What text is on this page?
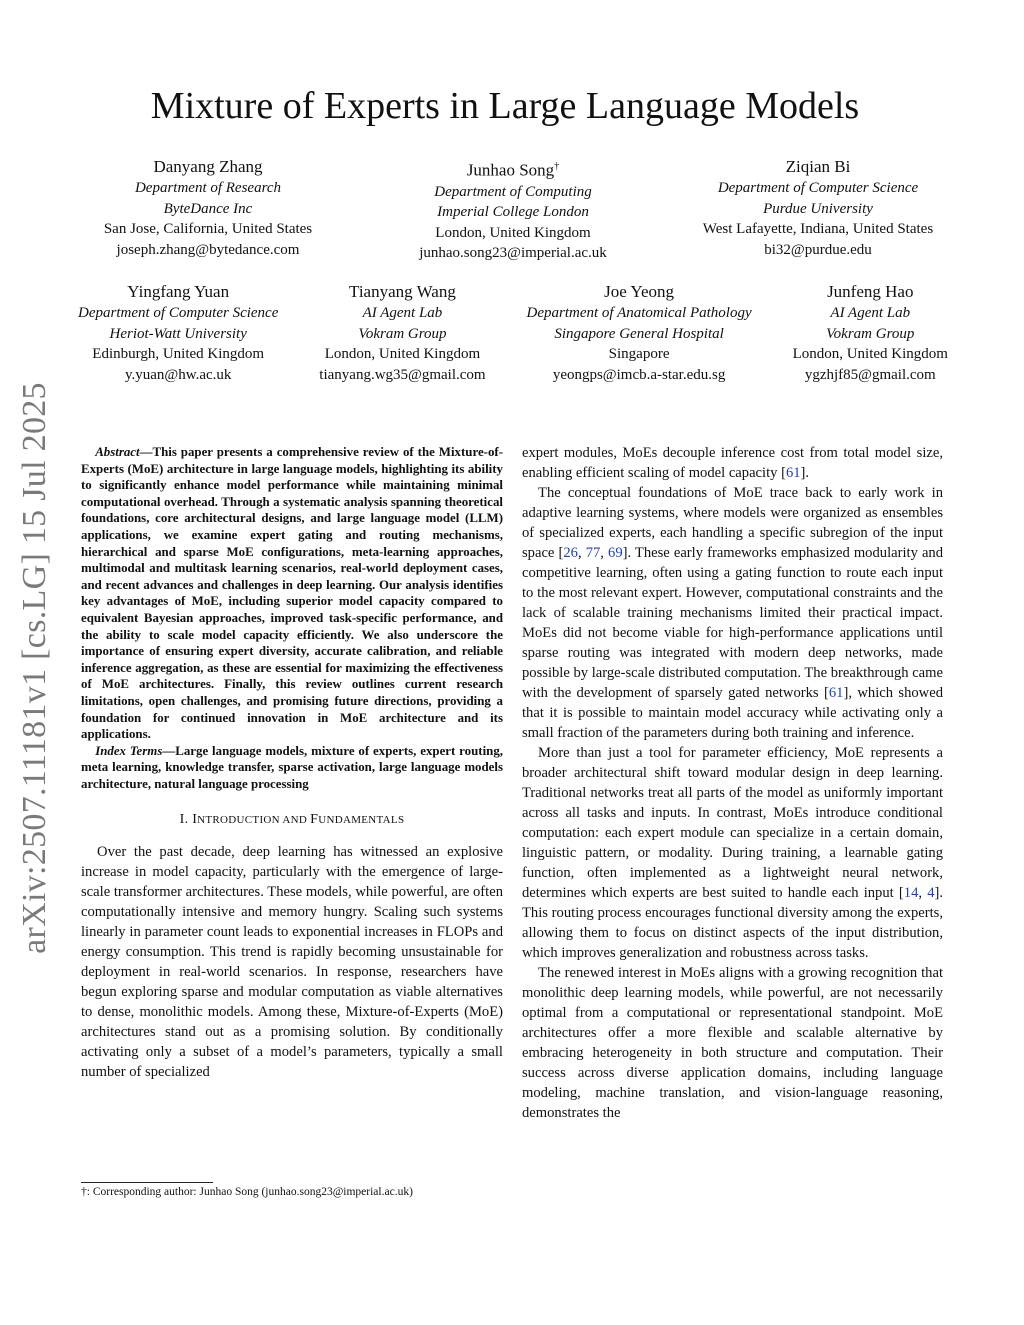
arXiv:2507.11181v1 [cs.LG] 15 Jul 2025
Mixture of Experts in Large Language Models
Danyang Zhang
Department of Research
ByteDance Inc
San Jose, California, United States
joseph.zhang@bytedance.com
Junhao Song†
Department of Computing
Imperial College London
London, United Kingdom
junhao.song23@imperial.ac.uk
Ziqian Bi
Department of Computer Science
Purdue University
West Lafayette, Indiana, United States
bi32@purdue.edu
Yingfang Yuan
Department of Computer Science
Heriot-Watt University
Edinburgh, United Kingdom
y.yuan@hw.ac.uk
Tianyang Wang
AI Agent Lab
Vokram Group
London, United Kingdom
tianyang.wg35@gmail.com
Joe Yeong
Department of Anatomical Pathology
Singapore General Hospital
Singapore
yeongps@imcb.a-star.edu.sg
Junfeng Hao
AI Agent Lab
Vokram Group
London, United Kingdom
ygzhjf85@gmail.com

Abstract—This paper presents a comprehensive review of the Mixture-of-Experts (MoE) architecture in large language models, highlighting its ability to significantly enhance model performance while maintaining minimal computational overhead. Through a systematic analysis spanning theoretical foundations, core architectural designs, and large language model (LLM) applications, we examine expert gating and routing mechanisms, hierarchical and sparse MoE configurations, meta-learning approaches, multimodal and multitask learning scenarios, real-world deployment cases, and recent advances and challenges in deep learning. Our analysis identifies key advantages of MoE, including superior model capacity compared to equivalent Bayesian approaches, improved task-specific performance, and the ability to scale model capacity efficiently. We also underscore the importance of ensuring expert diversity, accurate calibration, and reliable inference aggregation, as these are essential for maximizing the effectiveness of MoE architectures. Finally, this review outlines current research limitations, open challenges, and promising future directions, providing a foundation for continued innovation in MoE architecture and its applications.

Index Terms—Large language models, mixture of experts, expert routing, meta learning, knowledge transfer, sparse activation, large language models architecture, natural language processing

I. INTRODUCTION AND FUNDAMENTALS

Over the past decade, deep learning has witnessed an explosive increase in model capacity, particularly with the emergence of large-scale transformer architectures. These models, while powerful, are often computationally intensive and memory hungry. Scaling such systems linearly in parameter count leads to exponential increases in FLOPs and energy consumption. This trend is rapidly becoming unsustainable for deployment in real-world scenarios. In response, researchers have begun exploring sparse and modular computation as viable alternatives to dense, monolithic models. Among these, Mixture-of-Experts (MoE) architectures stand out as a promising solution. By conditionally activating only a subset of a model’s parameters, typically a small number of specialized

expert modules, MoEs decouple inference cost from total model size, enabling efficient scaling of model capacity [61].

The conceptual foundations of MoE trace back to early work in adaptive learning systems, where models were organized as ensembles of specialized experts, each handling a specific subregion of the input space [26, 77, 69]. These early frameworks emphasized modularity and competitive learning, often using a gating function to route each input to the most relevant expert. However, computational constraints and the lack of scalable training mechanisms limited their practical impact. MoEs did not become viable for high-performance applications until sparse routing was integrated with modern deep networks, made possible by large-scale distributed computation. The breakthrough came with the development of sparsely gated networks [61], which showed that it is possible to maintain model accuracy while activating only a small fraction of the parameters during both training and inference.

More than just a tool for parameter efficiency, MoE represents a broader architectural shift toward modular design in deep learning. Traditional networks treat all parts of the model as uniformly important across all tasks and inputs. In contrast, MoEs introduce conditional computation: each expert module can specialize in a certain domain, linguistic pattern, or modality. During training, a learnable gating function, often implemented as a lightweight neural network, determines which experts are best suited to handle each input [14, 4]. This routing process encourages functional diversity among the experts, allowing them to focus on distinct aspects of the input distribution, which improves generalization and robustness across tasks.

The renewed interest in MoEs aligns with a growing recognition that monolithic deep learning models, while powerful, are not necessarily optimal from a computational or representational standpoint. MoE architectures offer a more flexible and scalable alternative by embracing heterogeneity in both structure and computation. Their success across diverse application domains, including language modeling, machine translation, and vision-language reasoning, demonstrates the

†: Corresponding author: Junhao Song (junhao.song23@imperial.ac.uk)
